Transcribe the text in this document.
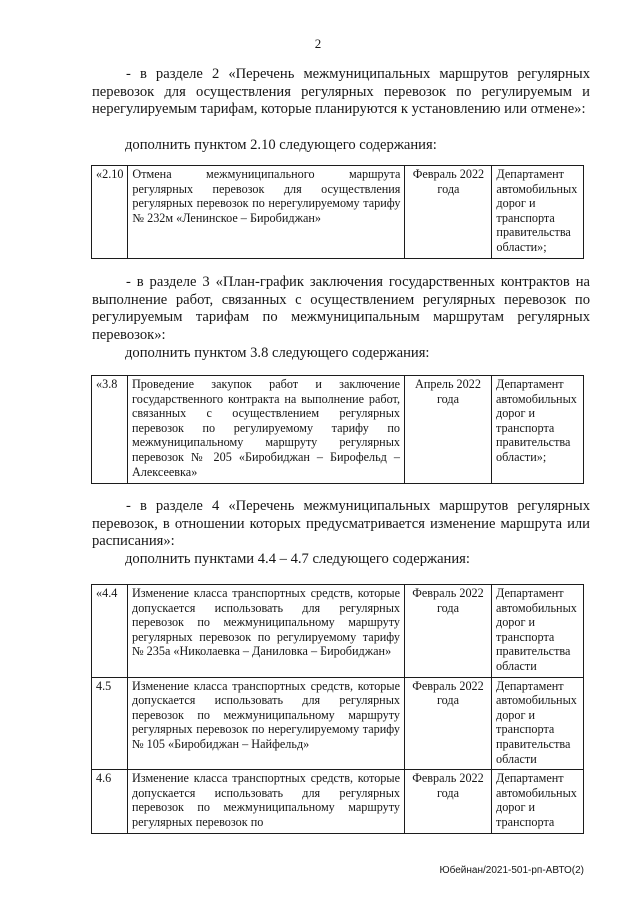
2

- в разделе 2 «Перечень межмуниципальных маршрутов регулярных перевозок для осуществления регулярных перевозок по регулируемым и нерегулируемым тарифам, которые планируются к установлению или отмене»:

дополнить пунктом 2.10 следующего содержания:

«2.10	Отмена межмуниципального маршрута регулярных перевозок для осуществления регулярных перевозок по нерегулируемому тарифу № 232м «Ленинское – Биробиджан»	Февраль 2022 года	Департамент автомобильных дорог и транспорта правительства области»;

- в разделе 3 «План-график заключения государственных контрактов на выполнение работ, связанных с осуществлением регулярных перевозок по регулируемым тарифам по межмуниципальным маршрутам регулярных перевозок»:

дополнить пунктом 3.8 следующего содержания:

«3.8	Проведение закупок работ и заключение государственного контракта на выполнение работ, связанных с осуществлением регулярных перевозок по регулируемому тарифу по межмуниципальному маршруту регулярных перевозок № 205 «Биробиджан – Бирофельд – Алексеевка»	Апрель 2022 года	Департамент автомобильных дорог и транспорта правительства области»;

- в разделе 4 «Перечень межмуниципальных маршрутов регулярных перевозок, в отношении которых предусматривается изменение маршрута или расписания»:

дополнить пунктами 4.4 – 4.7 следующего содержания:

«4.4	Изменение класса транспортных средств, которые допускается использовать для регулярных перевозок по межмуниципальному маршруту регулярных перевозок по регулируемому тарифу № 235а «Николаевка – Даниловка – Биробиджан»	Февраль 2022 года	Департамент автомобильных дорог и транспорта правительства области
4.5	Изменение класса транспортных средств, которые допускается использовать для регулярных перевозок по межмуниципальному маршруту регулярных перевозок по нерегулируемому тарифу № 105 «Биробиджан – Найфельд»	Февраль 2022 года	Департамент автомобильных дорог и транспорта правительства области
4.6	Изменение класса транспортных средств, которые допускается использовать для регулярных перевозок по межмуниципальному маршруту регулярных перевозок по	Февраль 2022 года	Департамент автомобильных дорог и транспорта
Юбейнан/2021-501-рп-АВТО(2)
